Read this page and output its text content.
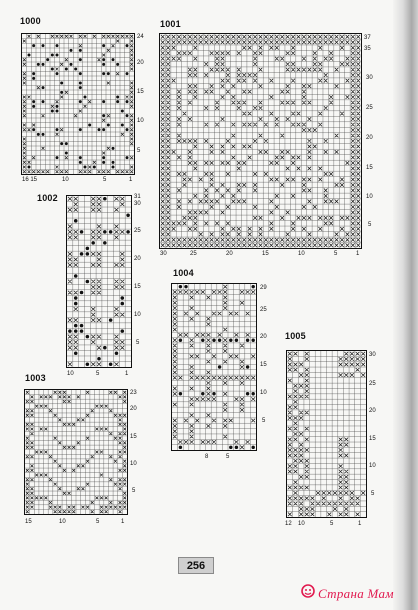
1000
24
20
15
10
5
16 15	10	5	1
1001
37
35
30
25
20
15
10
5
30	25	20	15	10	5	1
1002	31
30
25
20
15
10
5
10	5	1
1003
23
20
15
10
5
15	10	5	1
1004
29
25
20
15
10
5
8	5
1005
30
25
20
15
10
5
12 10	5	1
256
Страна Мам
